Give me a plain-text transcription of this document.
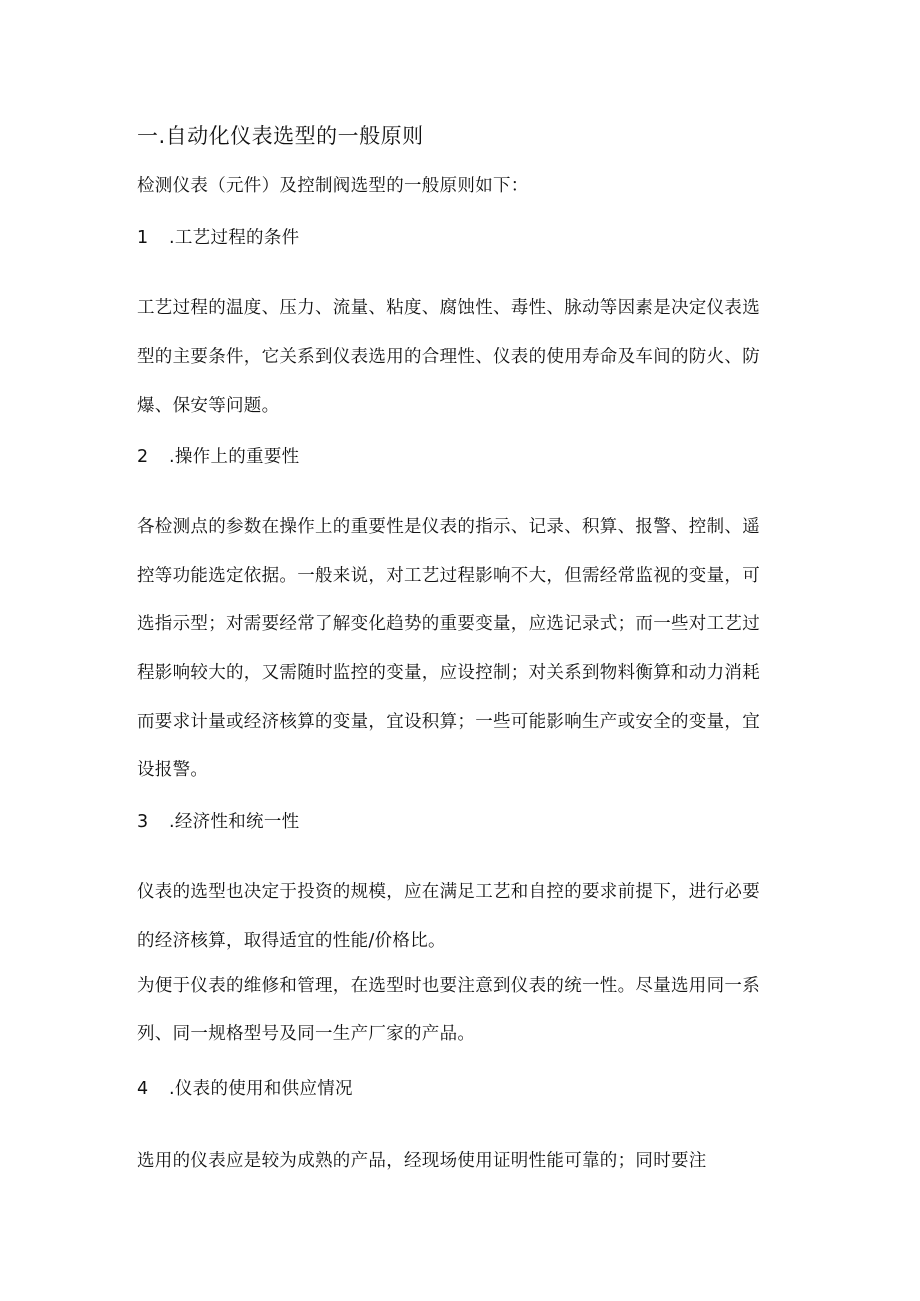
一.自动化仪表选型的一般原则
检测仪表（元件）及控制阀选型的一般原则如下：
1 .工艺过程的条件
工艺过程的温度、压力、流量、粘度、腐蚀性、毒性、脉动等因素是决定仪表选
型的主要条件，它关系到仪表选用的合理性、仪表的使用寿命及车间的防火、防
爆、保安等问题。
2 .操作上的重要性
各检测点的参数在操作上的重要性是仪表的指示、记录、积算、报警、控制、遥
控等功能选定依据。一般来说，对工艺过程影响不大，但需经常监视的变量，可
选指示型；对需要经常了解变化趋势的重要变量，应选记录式；而一些对工艺过
程影响较大的，又需随时监控的变量，应设控制；对关系到物料衡算和动力消耗
而要求计量或经济核算的变量，宜设积算；一些可能影响生产或安全的变量，宜
设报警。
3 .经济性和统一性
仪表的选型也决定于投资的规模，应在满足工艺和自控的要求前提下，进行必要
的经济核算，取得适宜的性能/价格比。
为便于仪表的维修和管理，在选型时也要注意到仪表的统一性。尽量选用同一系
列、同一规格型号及同一生产厂家的产品。
4 .仪表的使用和供应情况
选用的仪表应是较为成熟的产品，经现场使用证明性能可靠的；同时要注
